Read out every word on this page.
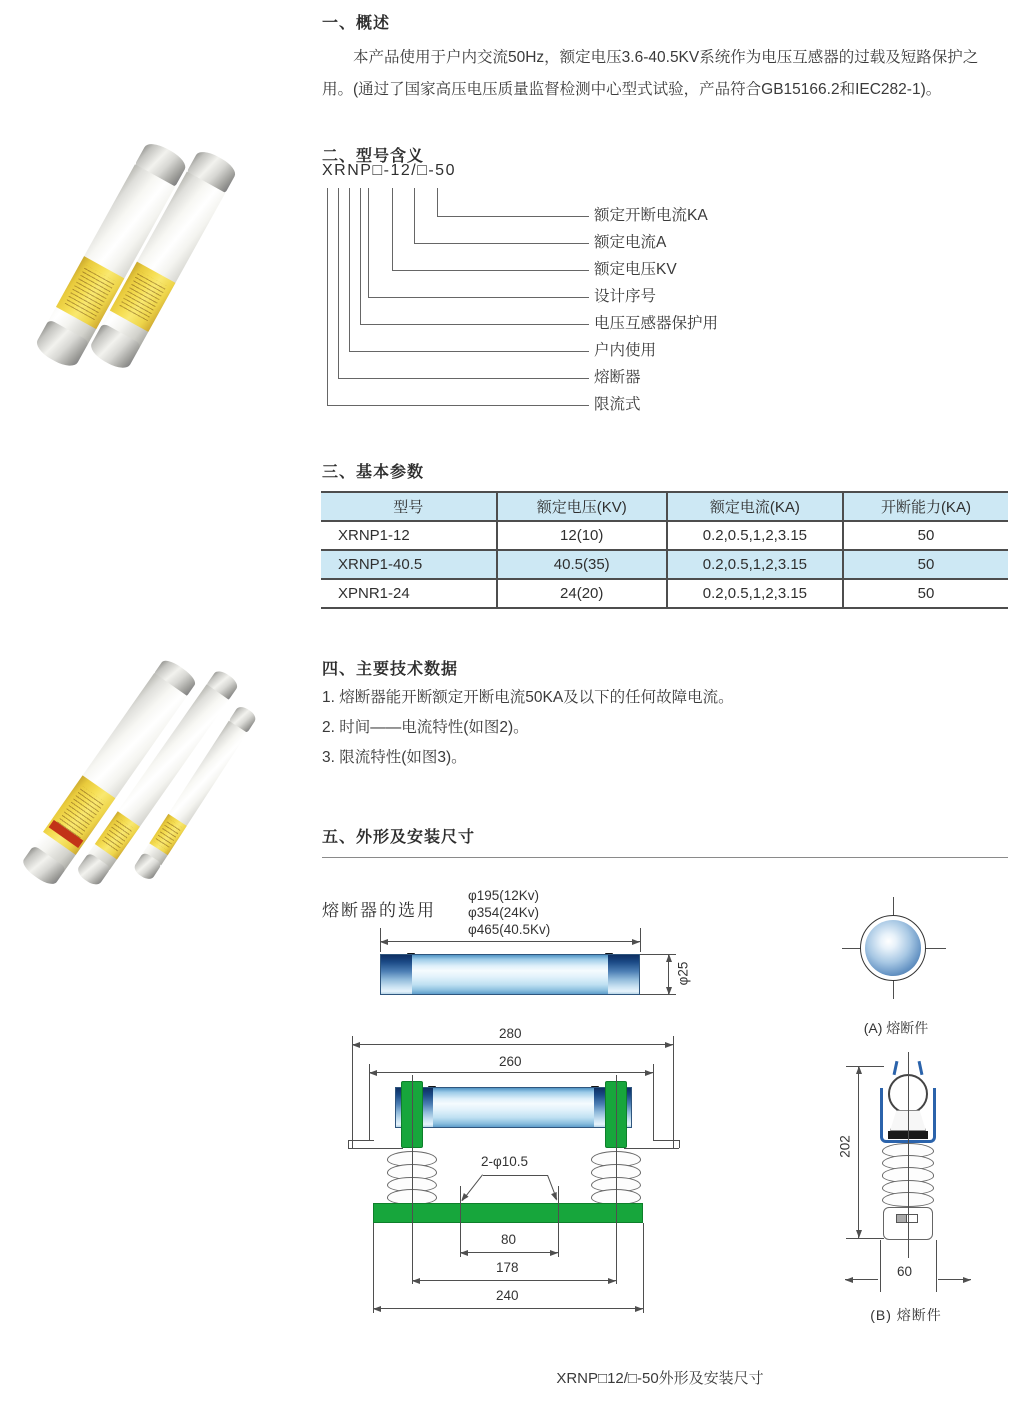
一、概述
本产品使用于户内交流50Hz，额定电压3.6-40.5KV系统作为电压互感器的过载及短路保护之用。(通过了国家高压电压质量监督检测中心型式试验，产品符合GB15166.2和IEC282-1)。
二、型号含义
XRNP□-12/□-50
额定开断电流KA
额定电流A
额定电压KV
设计序号
电压互感器保护用
户内使用
熔断器
限流式
三、基本参数
型号	额定电压(KV)	额定电流(KA)	开断能力(KA)
XRNP1-12	12(10)	0.2,0.5,1,2,3.15	50
XRNP1-40.5	40.5(35)	0.2,0.5,1,2,3.15	50
XPNR1-24	24(20)	0.2,0.5,1,2,3.15	50
四、主要技术数据
1. 熔断器能开断额定开断电流50KA及以下的任何故障电流。
2. 时间——电流特性(如图2)。
3. 限流特性(如图3)。
五、外形及安装尺寸
熔断器的选用
φ195(12Kv)
φ354(24Kv)
φ465(40.5Kv)
φ25
280
260
2-φ10.5
80
178
240
(A) 熔断件
202
60
(B) 熔断件
XRNP□12/□-50外形及安装尺寸
